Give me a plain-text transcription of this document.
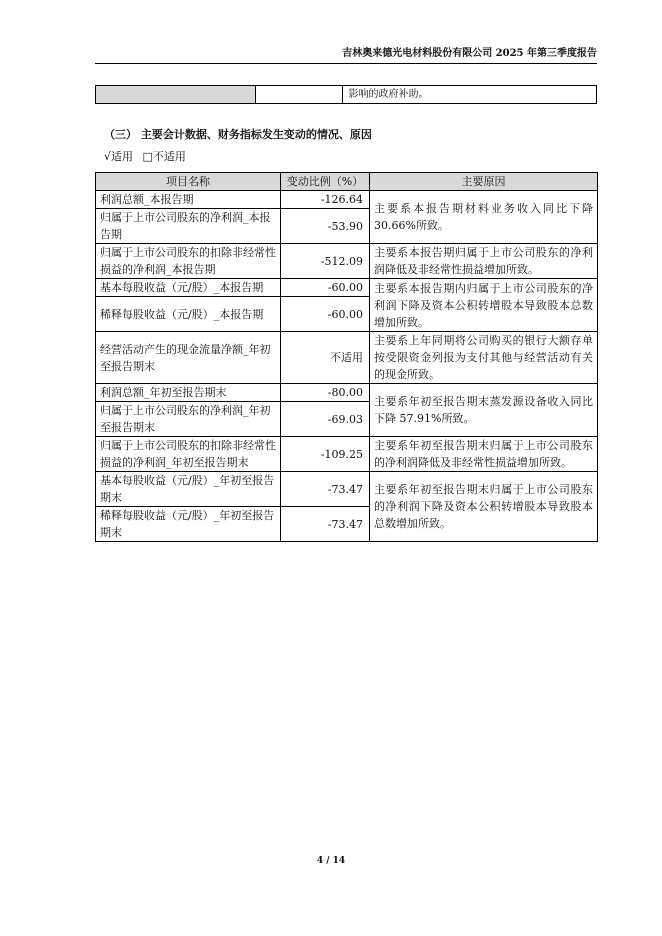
吉林奥来德光电材料股份有限公司 2025 年第三季度报告
		影响的政府补助。
（三） 主要会计数据、财务指标发生变动的情况、原因
√适用 □不适用
项目名称	变动比例（%）	主要原因
利润总额_本报告期	-126.64	主要系本报告期材料业务收入同比下降 30.66%所致。
归属于上市公司股东的净利润_本报告期	-53.90	
归属于上市公司股东的扣除非经常性损益的净利润_本报告期	-512.09	主要系本报告期归属于上市公司股东的净利润降低及非经常性损益增加所致。
基本每股收益（元/股）_本报告期	-60.00	主要系本报告期内归属于上市公司股东的净利润下降及资本公积转增股本导致股本总数增加所致。
稀释每股收益（元/股）_本报告期	-60.00	
经营活动产生的现金流量净额_年初至报告期末	不适用	主要系上年同期将公司购买的银行大额存单按受限资金列报为支付其他与经营活动有关的现金所致。
利润总额_年初至报告期末	-80.00	主要系年初至报告期末蒸发源设备收入同比下降 57.91%所致。
归属于上市公司股东的净利润_年初至报告期末	-69.03	
归属于上市公司股东的扣除非经常性损益的净利润_年初至报告期末	-109.25	主要系年初至报告期末归属于上市公司股东的净利润降低及非经常性损益增加所致。
基本每股收益（元/股）_年初至报告期末	-73.47	主要系年初至报告期末归属于上市公司股东的净利润下降及资本公积转增股本导致股本总数增加所致。
稀释每股收益（元/股）_年初至报告期末	-73.47	
4 / 14
